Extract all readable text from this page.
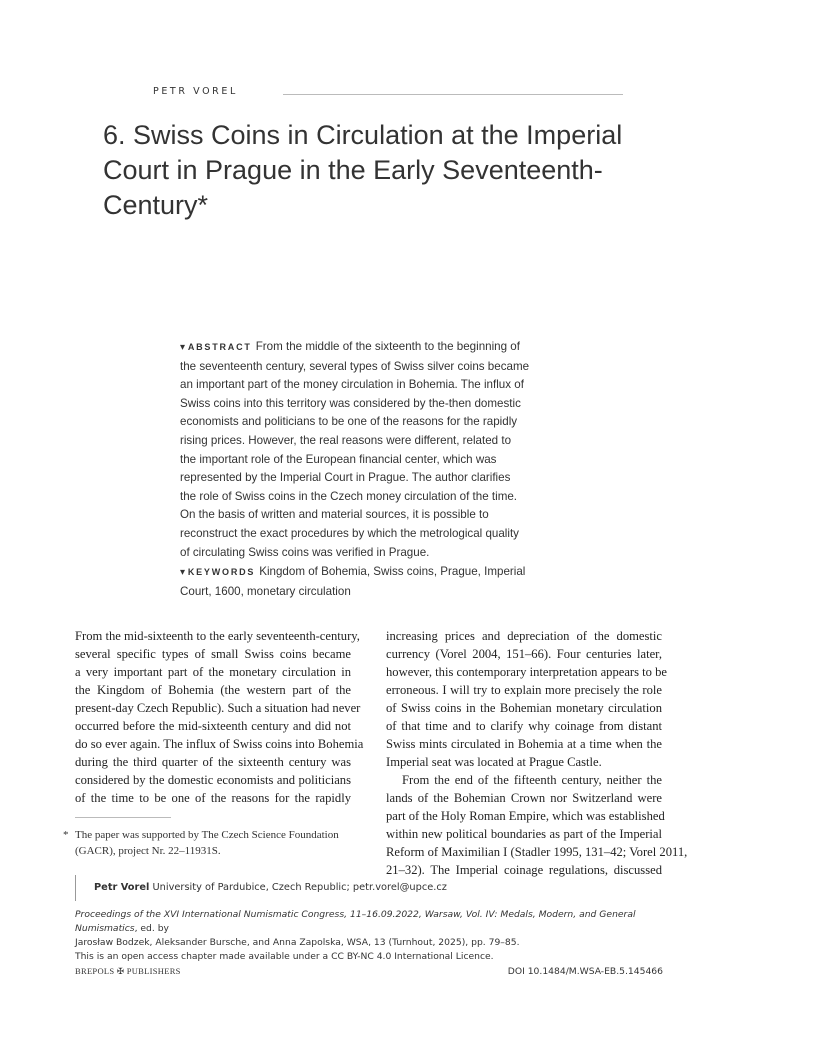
PETR VOREL
6. Swiss Coins in Circulation at the Imperial
Court in Prague in the Early Seventeenth-
Century*
▾ ABSTRACT From the middle of the sixteenth to the beginning of
the seventeenth century, several types of Swiss silver coins became
an important part of the money circulation in Bohemia. The influx of
Swiss coins into this territory was considered by the-then domestic
economists and politicians to be one of the reasons for the rapidly
rising prices. However, the real reasons were different, related to
the important role of the European financial center, which was
represented by the Imperial Court in Prague. The author clarifies
the role of Swiss coins in the Czech money circulation of the time.
On the basis of written and material sources, it is possible to
reconstruct the exact procedures by which the metrological quality
of circulating Swiss coins was verified in Prague.
▾ KEYWORDS Kingdom of Bohemia, Swiss coins, Prague, Imperial
Court, 1600, monetary circulation
From the mid-sixteenth to the early seventeenth-century,
several specific types of small Swiss coins became
a very important part of the monetary circulation in
the Kingdom of Bohemia (the western part of the
present-day Czech Republic). Such a situation had never
occurred before the mid-sixteenth century and did not
do so ever again. The influx of Swiss coins into Bohemia
during the third quarter of the sixteenth century was
considered by the domestic economists and politicians
of the time to be one of the reasons for the rapidly
increasing prices and depreciation of the domestic
currency (Vorel 2004, 151–66). Four centuries later,
however, this contemporary interpretation appears to be
erroneous. I will try to explain more precisely the role
of Swiss coins in the Bohemian monetary circulation
of that time and to clarify why coinage from distant
Swiss mints circulated in Bohemia at a time when the
Imperial seat was located at Prague Castle.
From the end of the fifteenth century, neither the
lands of the Bohemian Crown nor Switzerland were
part of the Holy Roman Empire, which was established
within new political boundaries as part of the Imperial
Reform of Maximilian I (Stadler 1995, 131–42; Vorel 2011,
21–32). The Imperial coinage regulations, discussed
* The paper was supported by The Czech Science Foundation
(GACR), project Nr. 22–11931S.
Petr Vorel University of Pardubice, Czech Republic; petr.vorel@upce.cz
Proceedings of the XVI International Numismatic Congress, 11–16.09.2022, Warsaw, Vol. IV: Medals, Modern, and General Numismatics, ed. by
Jarosław Bodzek, Aleksander Bursche, and Anna Zapolska, WSA, 13 (Turnhout, 2025), pp. 79–85.
This is an open access chapter made available under a CC BY-NC 4.0 International Licence.
BREPOLS ✠ PUBLISHERS	DOI 10.1484/M.WSA-EB.5.145466
